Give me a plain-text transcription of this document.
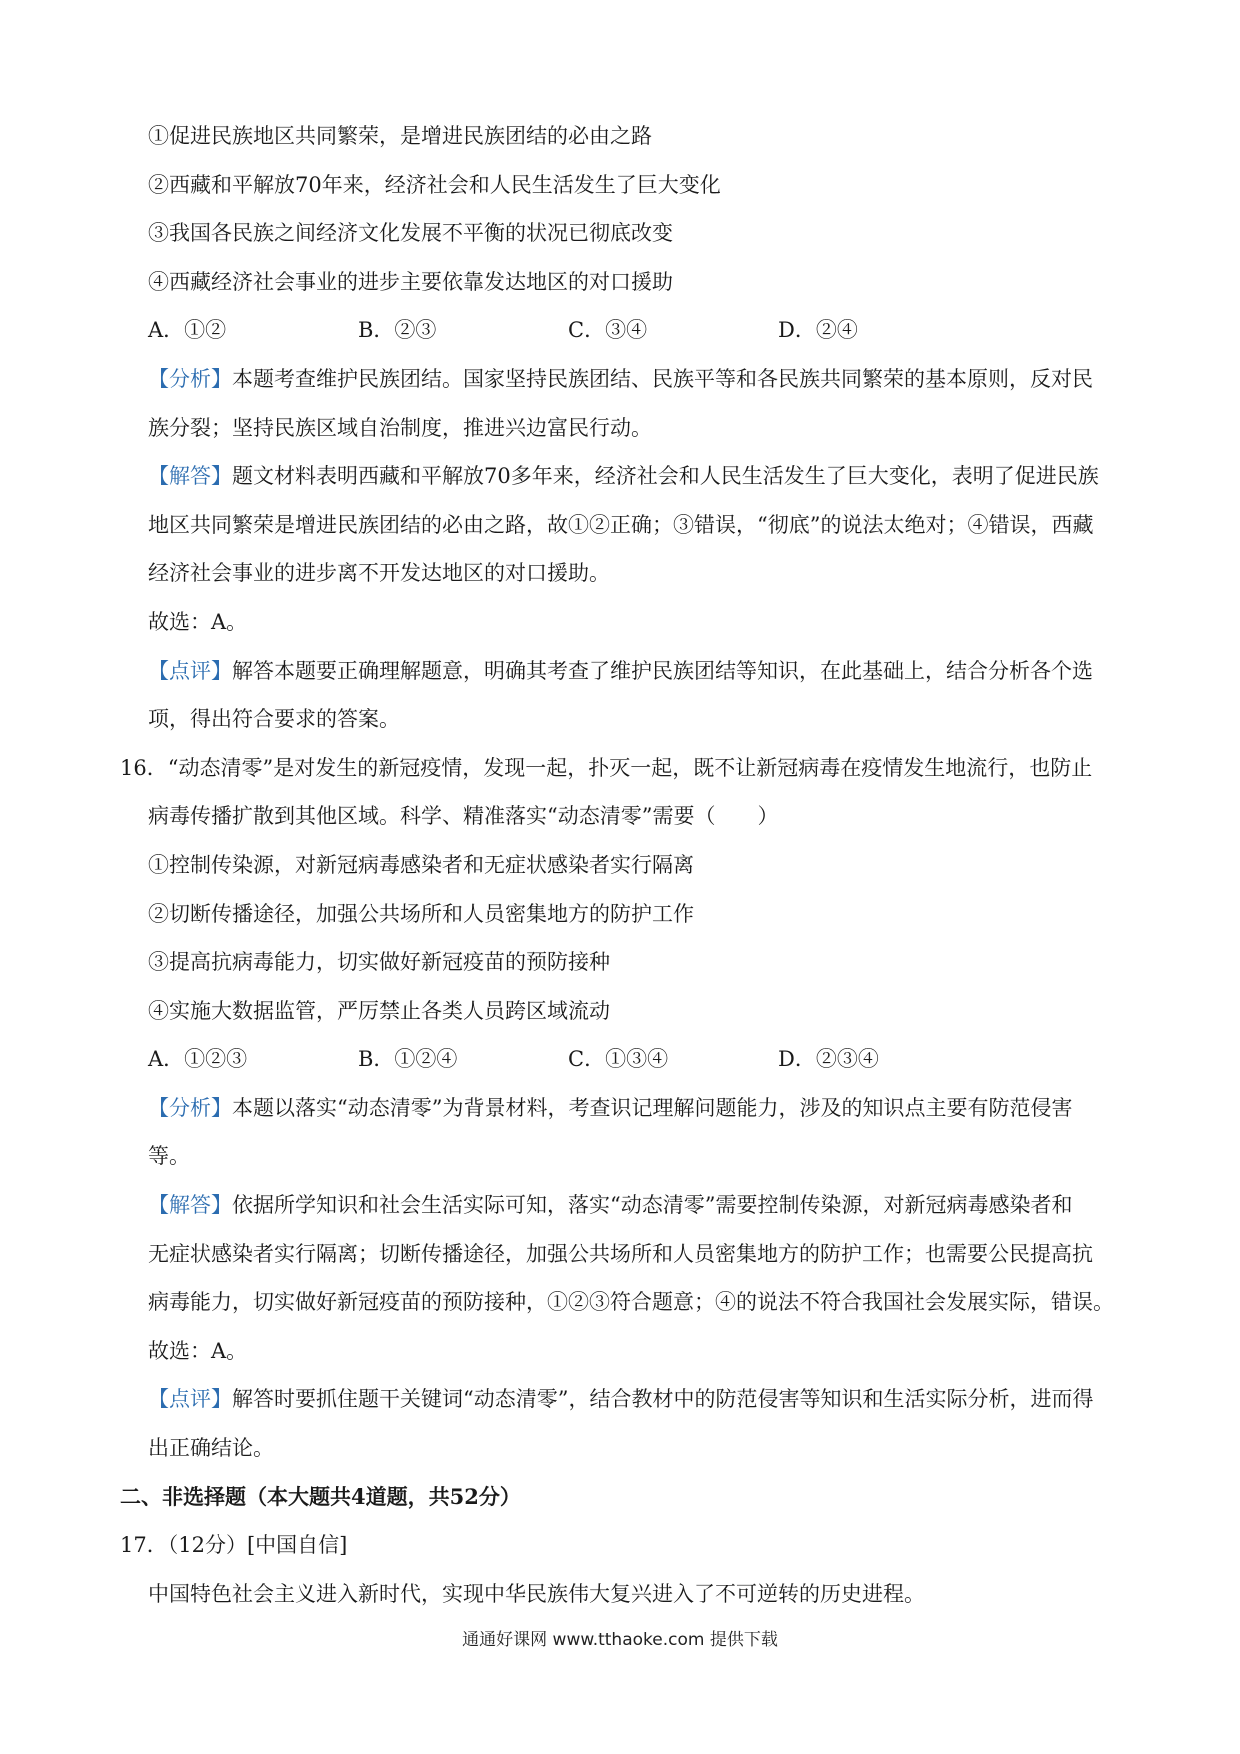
①促进民族地区共同繁荣，是增进民族团结的必由之路
②西藏和平解放70年来，经济社会和人民生活发生了巨大变化
③我国各民族之间经济文化发展不平衡的状况已彻底改变
④西藏经济社会事业的进步主要依靠发达地区的对口援助
A．①②	B．②③	C．③④	D．②④
【分析】本题考查维护民族团结。国家坚持民族团结、民族平等和各民族共同繁荣的基本原则，反对民
族分裂；坚持民族区域自治制度，推进兴边富民行动。
【解答】题文材料表明西藏和平解放70多年来，经济社会和人民生活发生了巨大变化，表明了促进民族
地区共同繁荣是增进民族团结的必由之路，故①②正确；③错误，“彻底”的说法太绝对；④错误，西藏
经济社会事业的进步离不开发达地区的对口援助。
故选：A。
【点评】解答本题要正确理解题意，明确其考查了维护民族团结等知识，在此基础上，结合分析各个选
项，得出符合要求的答案。
16．“动态清零”是对发生的新冠疫情，发现一起，扑灭一起，既不让新冠病毒在疫情发生地流行，也防止
病毒传播扩散到其他区域。科学、精准落实“动态清零”需要（　　）
①控制传染源，对新冠病毒感染者和无症状感染者实行隔离
②切断传播途径，加强公共场所和人员密集地方的防护工作
③提高抗病毒能力，切实做好新冠疫苗的预防接种
④实施大数据监管，严厉禁止各类人员跨区域流动
A．①②③	B．①②④	C．①③④	D．②③④
【分析】本题以落实“动态清零”为背景材料，考查识记理解问题能力，涉及的知识点主要有防范侵害
等。
【解答】依据所学知识和社会生活实际可知，落实“动态清零”需要控制传染源，对新冠病毒感染者和
无症状感染者实行隔离；切断传播途径，加强公共场所和人员密集地方的防护工作；也需要公民提高抗
病毒能力，切实做好新冠疫苗的预防接种，①②③符合题意；④的说法不符合我国社会发展实际，错误。
故选：A。
【点评】解答时要抓住题干关键词“动态清零”，结合教材中的防范侵害等知识和生活实际分析，进而得
出正确结论。
二、非选择题（本大题共4道题，共52分）
17．（12分）[中国自信]
中国特色社会主义进入新时代，实现中华民族伟大复兴进入了不可逆转的历史进程。
通通好课网 www.tthaoke.com 提供下载
